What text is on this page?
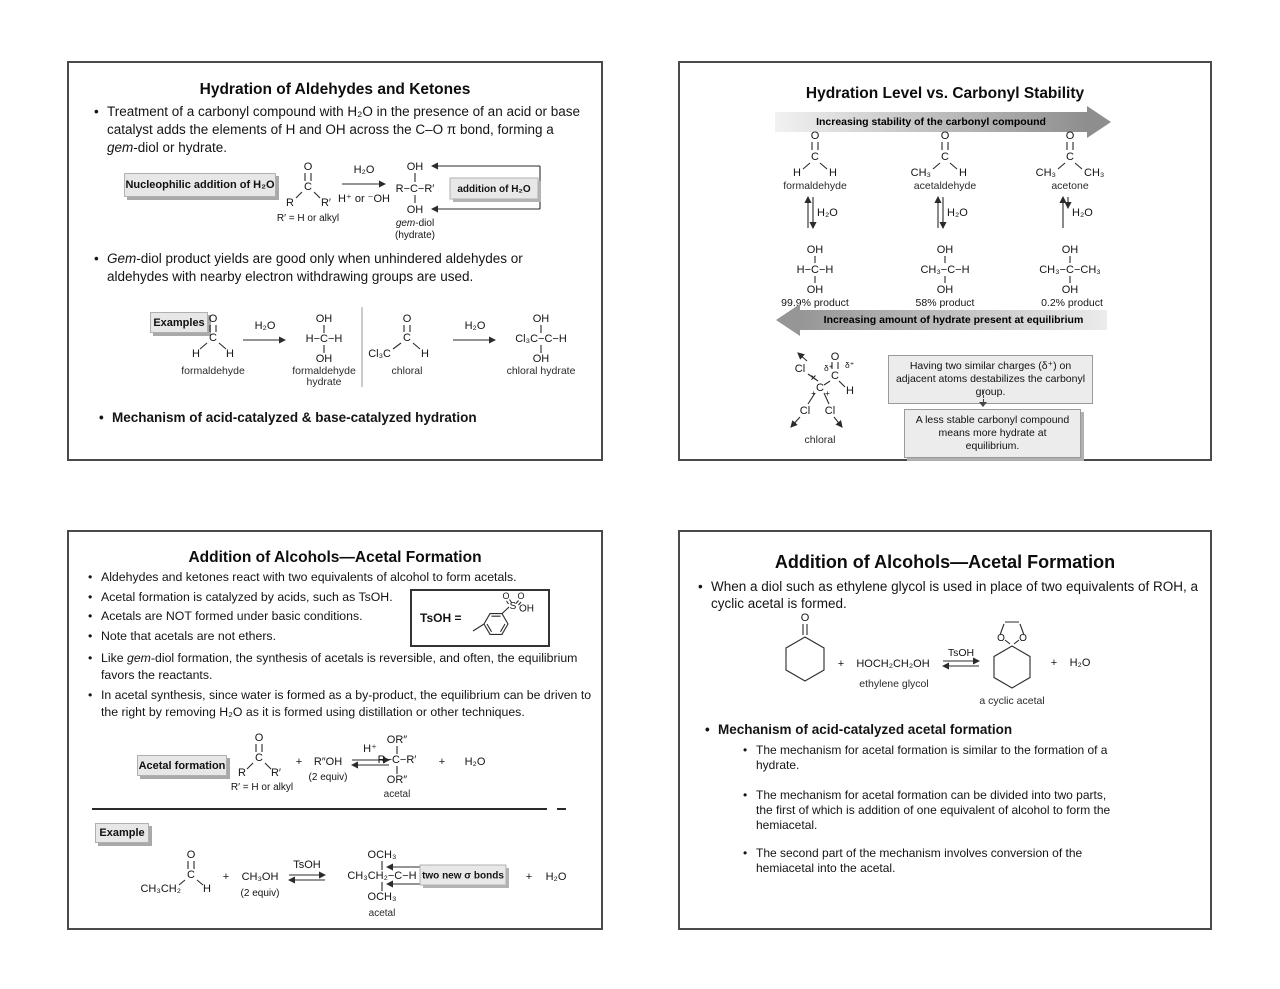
Hydration of Aldehydes and Ketones
• Treatment of a carbonyl compound with H₂O in the presence of an acid or base catalyst adds the elements of H and OH across the C–O π bond, forming a gem-diol or hydrate.
Nucleophilic addition of H₂O
O
C
R R′
R′ = H or alkyl
H₂O
H⁺ or ⁻OH
OH
R−C−R′
OH
gem-diol
(hydrate)
addition of H₂O
• Gem-diol product yields are good only when unhindered aldehydes or aldehydes with nearby electron withdrawing groups are used.
Examples O
C
H H
formaldehyde
H₂O
OH
H−C−H
OH
formaldehyde
hydrate
O
C
Cl₃C	H
chloral
H₂O
OH
Cl₃C−C−H
OH
chloral hydrate
• Mechanism of acid-catalyzed & base-catalyzed hydration
Hydration Level vs. Carbonyl Stability
Increasing stability of the carbonyl compound
O
C
H	H
formaldehyde
H₂O
OH
H−C−H
OH
99.9% product
O
C
CH₃	H
acetaldehyde
H₂O
OH
CH₃−C−H
OH
58% product
O
C
CH₃	CH₃
acetone
H₂O
OH
CH₃−C−CH₃
OH
0.2% product
Increasing amount of hydrate present at equilibrium
Cl δ⁺
O
C
δ⁺
H
C
+ +
Cl Cl
chloral
Having two similar charges (δ⁺) on adjacent atoms destabilizes the carbonyl group.
A less stable carbonyl compound means more hydrate at equilibrium.
Addition of Alcohols—Acetal Formation
• Aldehydes and ketones react with two equivalents of alcohol to form acetals.
• Acetal formation is catalyzed by acids, such as TsOH.
• Acetals are NOT formed under basic conditions.
• Note that acetals are not ethers.
• Like gem-diol formation, the synthesis of acetals is reversible, and often, the equilibrium favors the reactants.
• In acetal synthesis, since water is formed as a by-product, the equilibrium can be driven to the right by removing H₂O as it is formed using distillation or other techniques.
TsOH =
S
O O
OH
Acetal formation
O
C
R R′
R′ = H or alkyl
+ R″OH
(2 equiv)
H⁺
OR″
R−C−R′
OR″
acetal
+ H₂O
Example
O
C
CH₃CH₂ H
+ CH₃OH
(2 equiv)
TsOH
OCH₃
CH₃CH₂−C−H
OCH₃
acetal
two new σ bonds + H₂O
Addition of Alcohols—Acetal Formation
• When a diol such as ethylene glycol is used in place of two equivalents of ROH, a cyclic acetal is formed.
O
+ HOCH₂CH₂OH
ethylene glycol
TsOH
O O
a cyclic acetal
+ H₂O
• Mechanism of acid-catalyzed acetal formation
• The mechanism for acetal formation is similar to the formation of a hydrate.
• The mechanism for acetal formation can be divided into two parts, the first of which is addition of one equivalent of alcohol to form the hemiacetal.
• The second part of the mechanism involves conversion of the hemiacetal into the acetal.
